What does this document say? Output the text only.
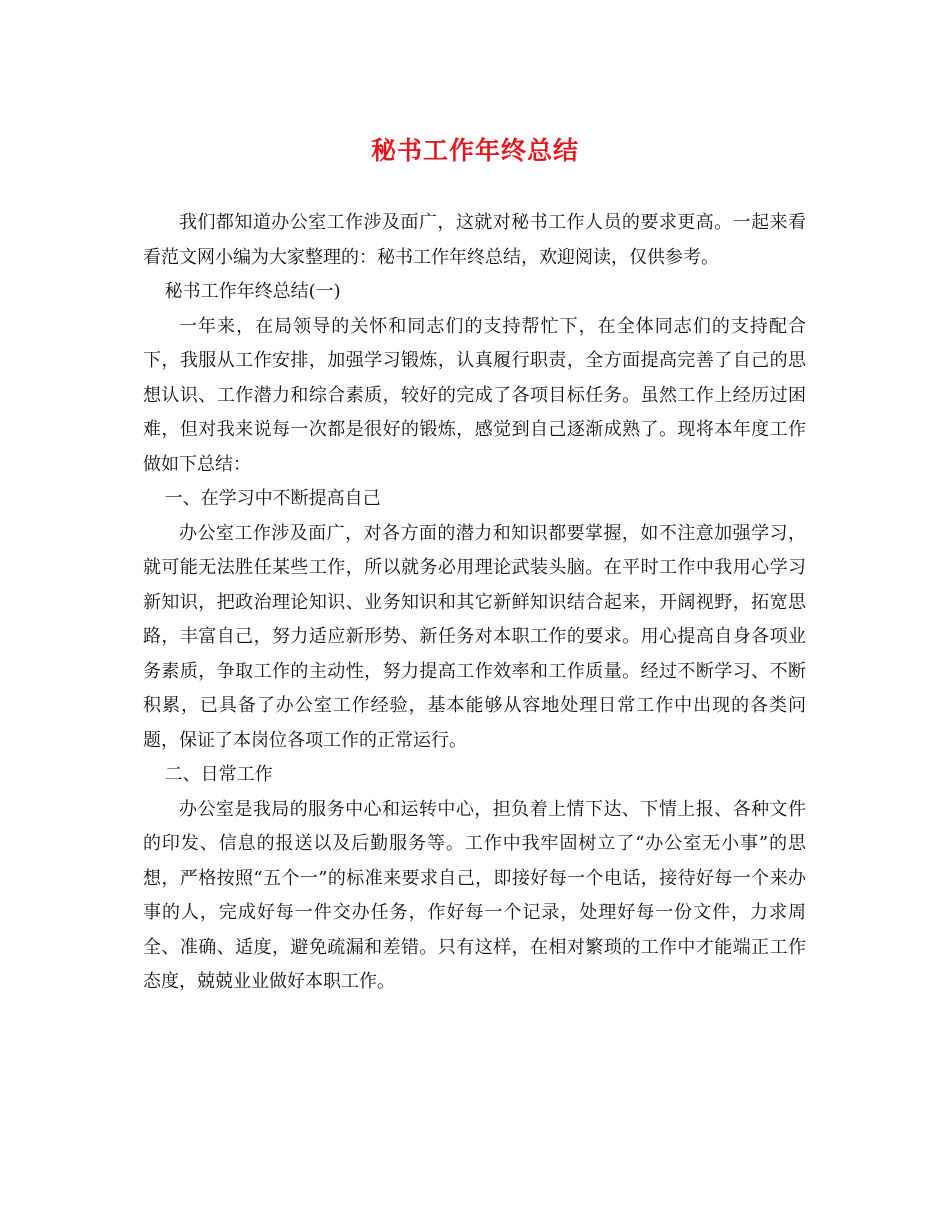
秘书工作年终总结

我们都知道办公室工作涉及面广，这就对秘书工作人员的要求更高。一起来看看范文网小编为大家整理的：秘书工作年终总结，欢迎阅读，仅供参考。

秘书工作年终总结(一)

一年来，在局领导的关怀和同志们的支持帮忙下，在全体同志们的支持配合下，我服从工作安排，加强学习锻炼，认真履行职责，全方面提高完善了自己的思想认识、工作潜力和综合素质，较好的完成了各项目标任务。虽然工作上经历过困难，但对我来说每一次都是很好的锻炼，感觉到自己逐渐成熟了。现将本年度工作做如下总结：

一、在学习中不断提高自己

办公室工作涉及面广，对各方面的潜力和知识都要掌握，如不注意加强学习，就可能无法胜任某些工作，所以就务必用理论武装头脑。在平时工作中我用心学习新知识，把政治理论知识、业务知识和其它新鲜知识结合起来，开阔视野，拓宽思路，丰富自己，努力适应新形势、新任务对本职工作的要求。用心提高自身各项业务素质，争取工作的主动性，努力提高工作效率和工作质量。经过不断学习、不断积累，已具备了办公室工作经验，基本能够从容地处理日常工作中出现的各类问题，保证了本岗位各项工作的正常运行。

二、日常工作

办公室是我局的服务中心和运转中心，担负着上情下达、下情上报、各种文件的印发、信息的报送以及后勤服务等。工作中我牢固树立了“办公室无小事”的思想，严格按照“五个一”的标准来要求自己，即接好每一个电话，接待好每一个来办事的人，完成好每一件交办任务，作好每一个记录，处理好每一份文件，力求周全、准确、适度，避免疏漏和差错。只有这样，在相对繁琐的工作中才能端正工作态度，兢兢业业做好本职工作。
